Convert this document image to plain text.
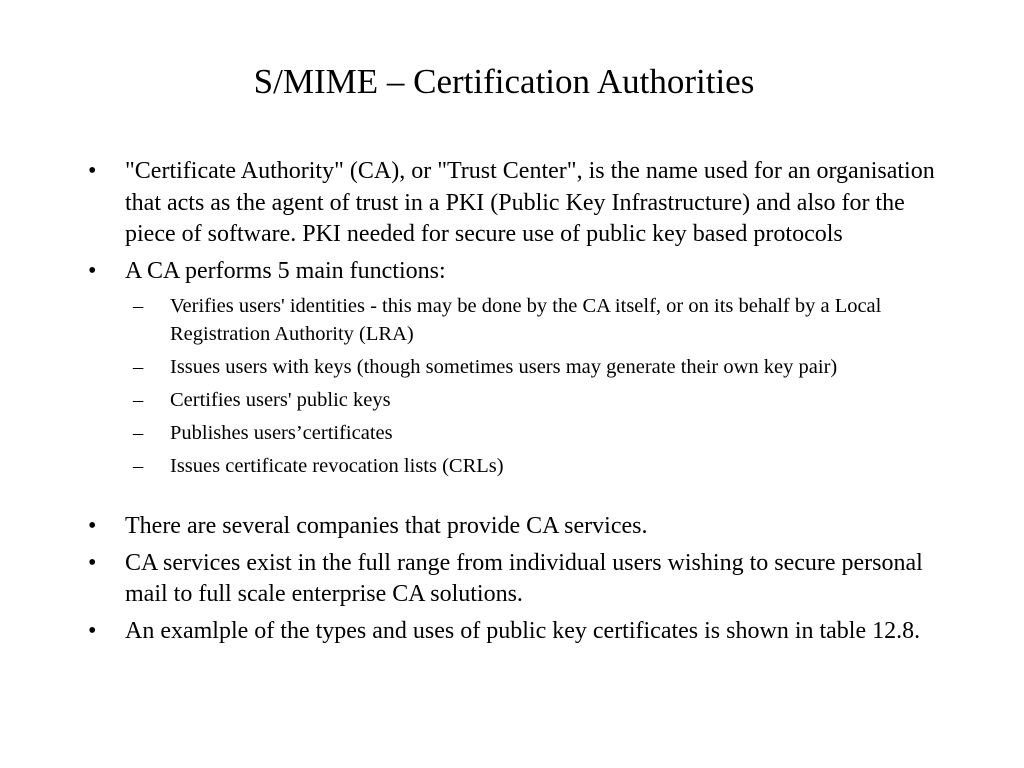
S/MIME – Certification Authorities
• "Certificate Authority" (CA), or "Trust Center", is the name used for an organisation that acts as the agent of trust in a PKI (Public Key Infrastructure) and also for the piece of software. PKI needed for secure use of public key based protocols
• A CA performs 5 main functions:
– Verifies users' identities - this may be done by the CA itself, or on its behalf by a Local Registration Authority (LRA)
– Issues users with keys (though sometimes users may generate their own key pair)
– Certifies users' public keys
– Publishes users’certificates
– Issues certificate revocation lists (CRLs)
• There are several companies that provide CA services.
• CA services exist in the full range from individual users wishing to secure personal mail to full scale enterprise CA solutions.
• An examlple of the types and uses of public key certificates is shown in table 12.8.
